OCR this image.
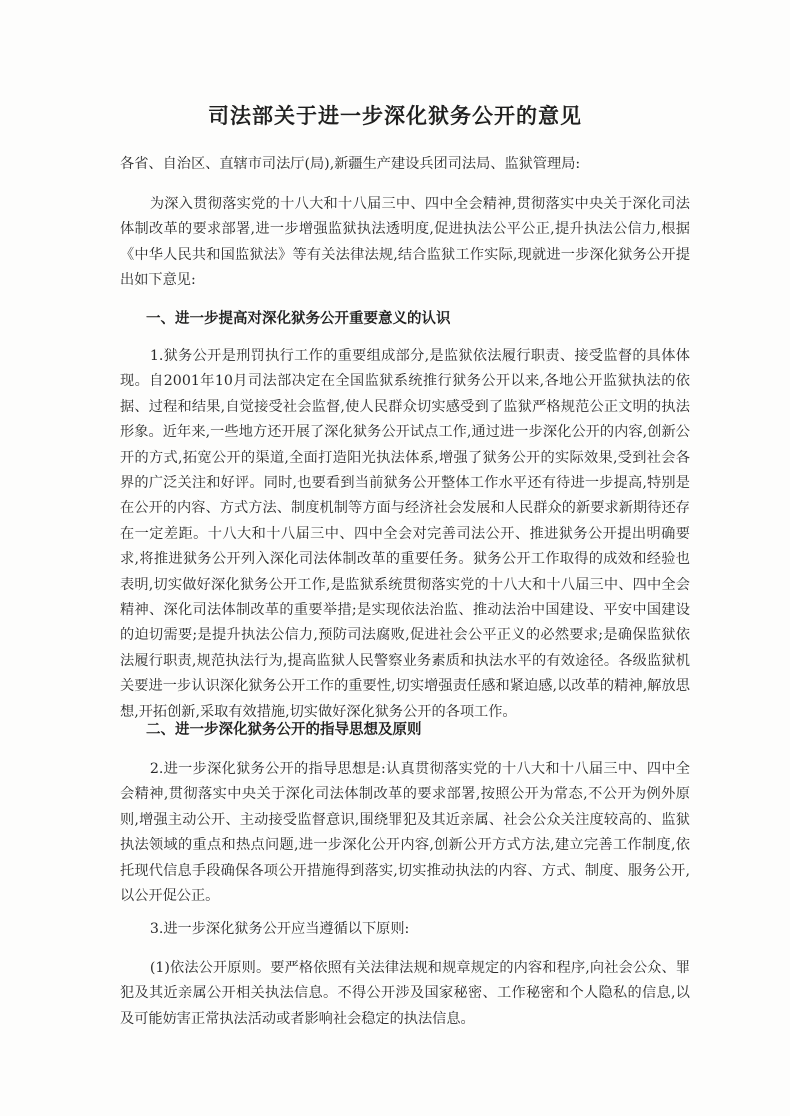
司法部关于进一步深化狱务公开的意见
各省、自治区、直辖市司法厅(局),新疆生产建设兵团司法局、监狱管理局:
为深入贯彻落实党的十八大和十八届三中、四中全会精神,贯彻落实中央关于深化司法体制改革的要求部署,进一步增强监狱执法透明度,促进执法公平公正,提升执法公信力,根据《中华人民共和国监狱法》等有关法律法规,结合监狱工作实际,现就进一步深化狱务公开提出如下意见:
一、进一步提高对深化狱务公开重要意义的认识
1.狱务公开是刑罚执行工作的重要组成部分,是监狱依法履行职责、接受监督的具体体现。自2001年10月司法部决定在全国监狱系统推行狱务公开以来,各地公开监狱执法的依据、过程和结果,自觉接受社会监督,使人民群众切实感受到了监狱严格规范公正文明的执法形象。近年来,一些地方还开展了深化狱务公开试点工作,通过进一步深化公开的内容,创新公开的方式,拓宽公开的渠道,全面打造阳光执法体系,增强了狱务公开的实际效果,受到社会各界的广泛关注和好评。同时,也要看到当前狱务公开整体工作水平还有待进一步提高,特别是在公开的内容、方式方法、制度机制等方面与经济社会发展和人民群众的新要求新期待还存在一定差距。十八大和十八届三中、四中全会对完善司法公开、推进狱务公开提出明确要求,将推进狱务公开列入深化司法体制改革的重要任务。狱务公开工作取得的成效和经验也表明,切实做好深化狱务公开工作,是监狱系统贯彻落实党的十八大和十八届三中、四中全会精神、深化司法体制改革的重要举措;是实现依法治监、推动法治中国建设、平安中国建设的迫切需要;是提升执法公信力,预防司法腐败,促进社会公平正义的必然要求;是确保监狱依法履行职责,规范执法行为,提高监狱人民警察业务素质和执法水平的有效途径。各级监狱机关要进一步认识深化狱务公开工作的重要性,切实增强责任感和紧迫感,以改革的精神,解放思想,开拓创新,采取有效措施,切实做好深化狱务公开的各项工作。
二、进一步深化狱务公开的指导思想及原则
2.进一步深化狱务公开的指导思想是:认真贯彻落实党的十八大和十八届三中、四中全会精神,贯彻落实中央关于深化司法体制改革的要求部署,按照公开为常态,不公开为例外原则,增强主动公开、主动接受监督意识,围绕罪犯及其近亲属、社会公众关注度较高的、监狱执法领域的重点和热点问题,进一步深化公开内容,创新公开方式方法,建立完善工作制度,依托现代信息手段确保各项公开措施得到落实,切实推动执法的内容、方式、制度、服务公开,以公开促公正。
3.进一步深化狱务公开应当遵循以下原则:
(1)依法公开原则。要严格依照有关法律法规和规章规定的内容和程序,向社会公众、罪犯及其近亲属公开相关执法信息。不得公开涉及国家秘密、工作秘密和个人隐私的信息,以及可能妨害正常执法活动或者影响社会稳定的执法信息。
